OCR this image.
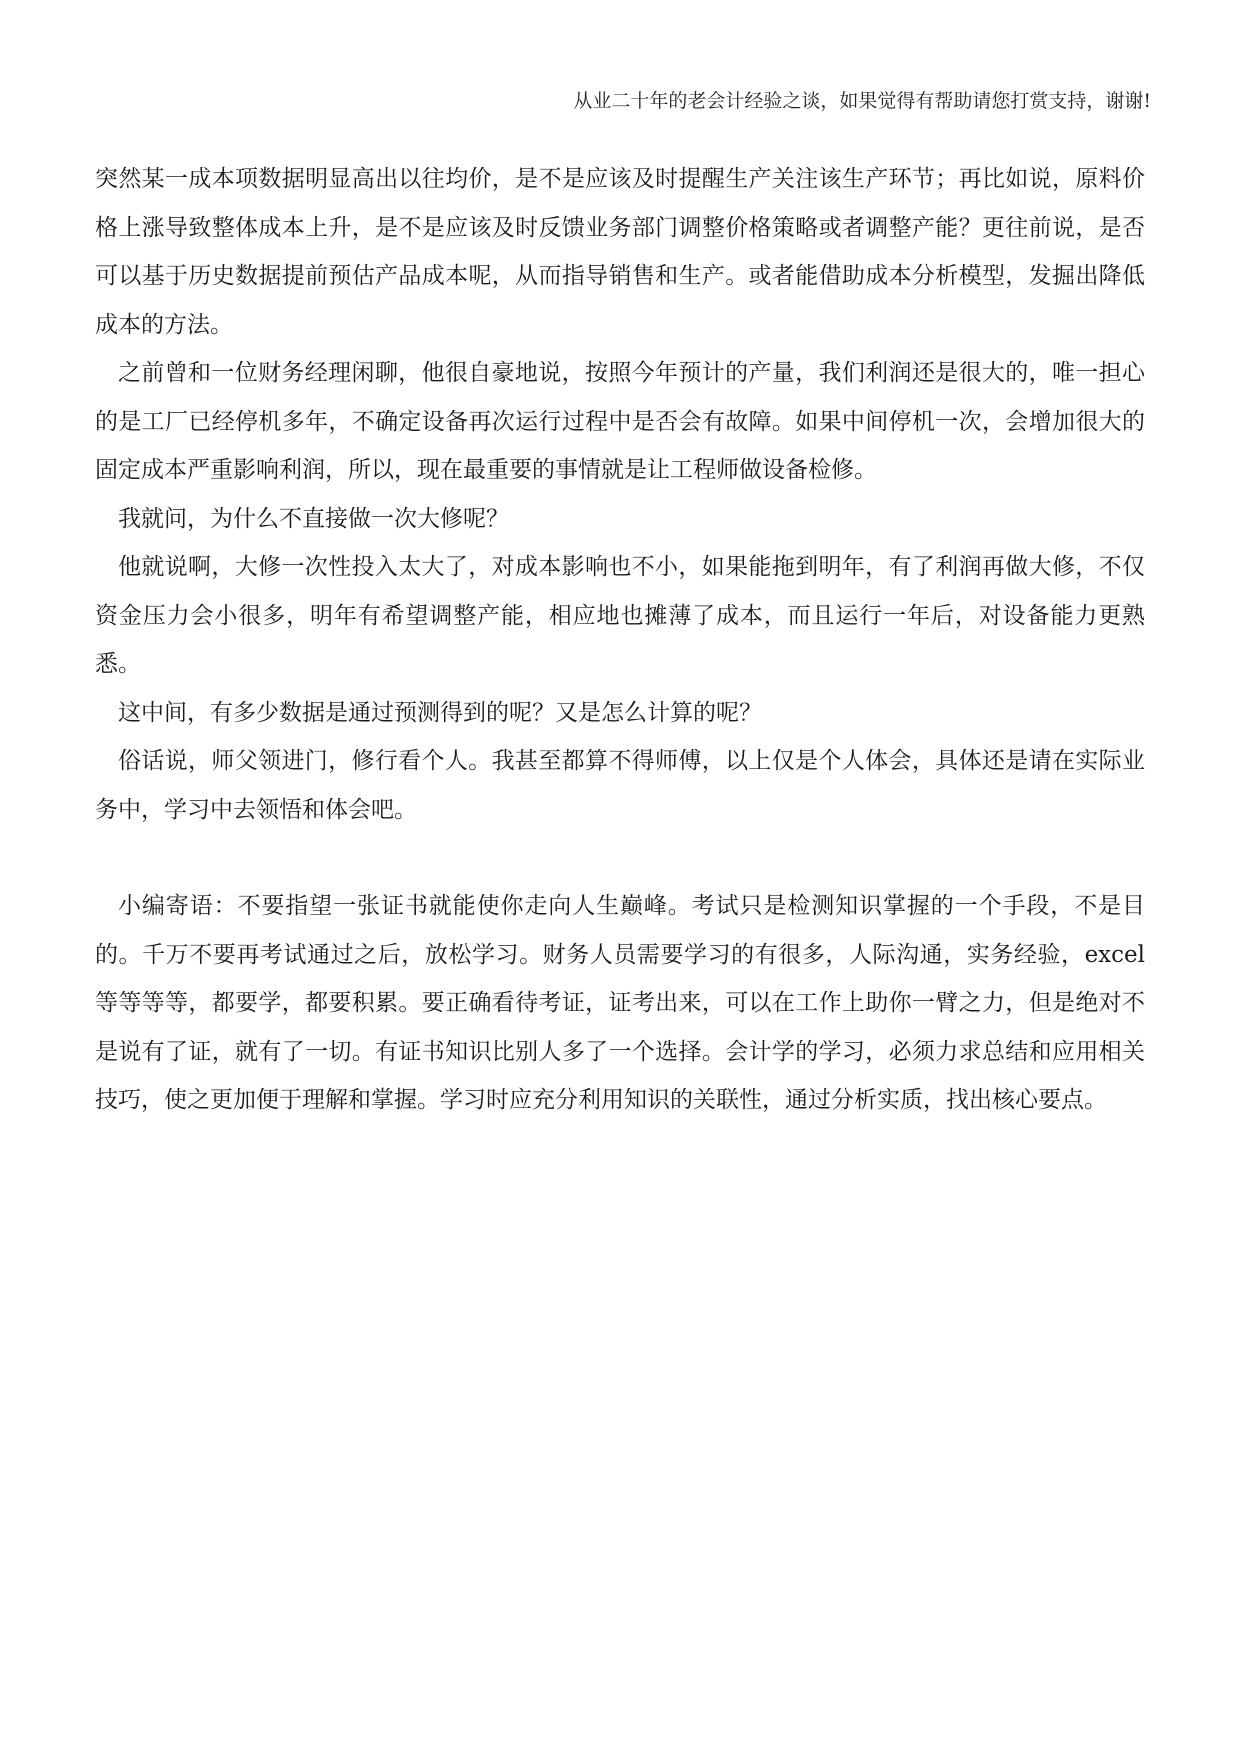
从业二十年的老会计经验之谈，如果觉得有帮助请您打赏支持，谢谢!

突然某一成本项数据明显高出以往均价，是不是应该及时提醒生产关注该生产环节；再比如说，原料价格上涨导致整体成本上升，是不是应该及时反馈业务部门调整价格策略或者调整产能？更往前说，是否可以基于历史数据提前预估产品成本呢，从而指导销售和生产。或者能借助成本分析模型，发掘出降低成本的方法。

之前曾和一位财务经理闲聊，他很自豪地说，按照今年预计的产量，我们利润还是很大的，唯一担心的是工厂已经停机多年，不确定设备再次运行过程中是否会有故障。如果中间停机一次，会增加很大的固定成本严重影响利润，所以，现在最重要的事情就是让工程师做设备检修。

我就问，为什么不直接做一次大修呢？

他就说啊，大修一次性投入太大了，对成本影响也不小，如果能拖到明年，有了利润再做大修，不仅资金压力会小很多，明年有希望调整产能，相应地也摊薄了成本，而且运行一年后，对设备能力更熟悉。

这中间，有多少数据是通过预测得到的呢？又是怎么计算的呢？

俗话说，师父领进门，修行看个人。我甚至都算不得师傅，以上仅是个人体会，具体还是请在实际业务中，学习中去领悟和体会吧。

小编寄语：不要指望一张证书就能使你走向人生巅峰。考试只是检测知识掌握的一个手段，不是目的。千万不要再考试通过之后，放松学习。财务人员需要学习的有很多，人际沟通，实务经验，excel 等等等等，都要学，都要积累。要正确看待考证，证考出来，可以在工作上助你一臂之力，但是绝对不是说有了证，就有了一切。有证书知识比别人多了一个选择。会计学的学习，必须力求总结和应用相关技巧，使之更加便于理解和掌握。学习时应充分利用知识的关联性，通过分析实质，找出核心要点。
